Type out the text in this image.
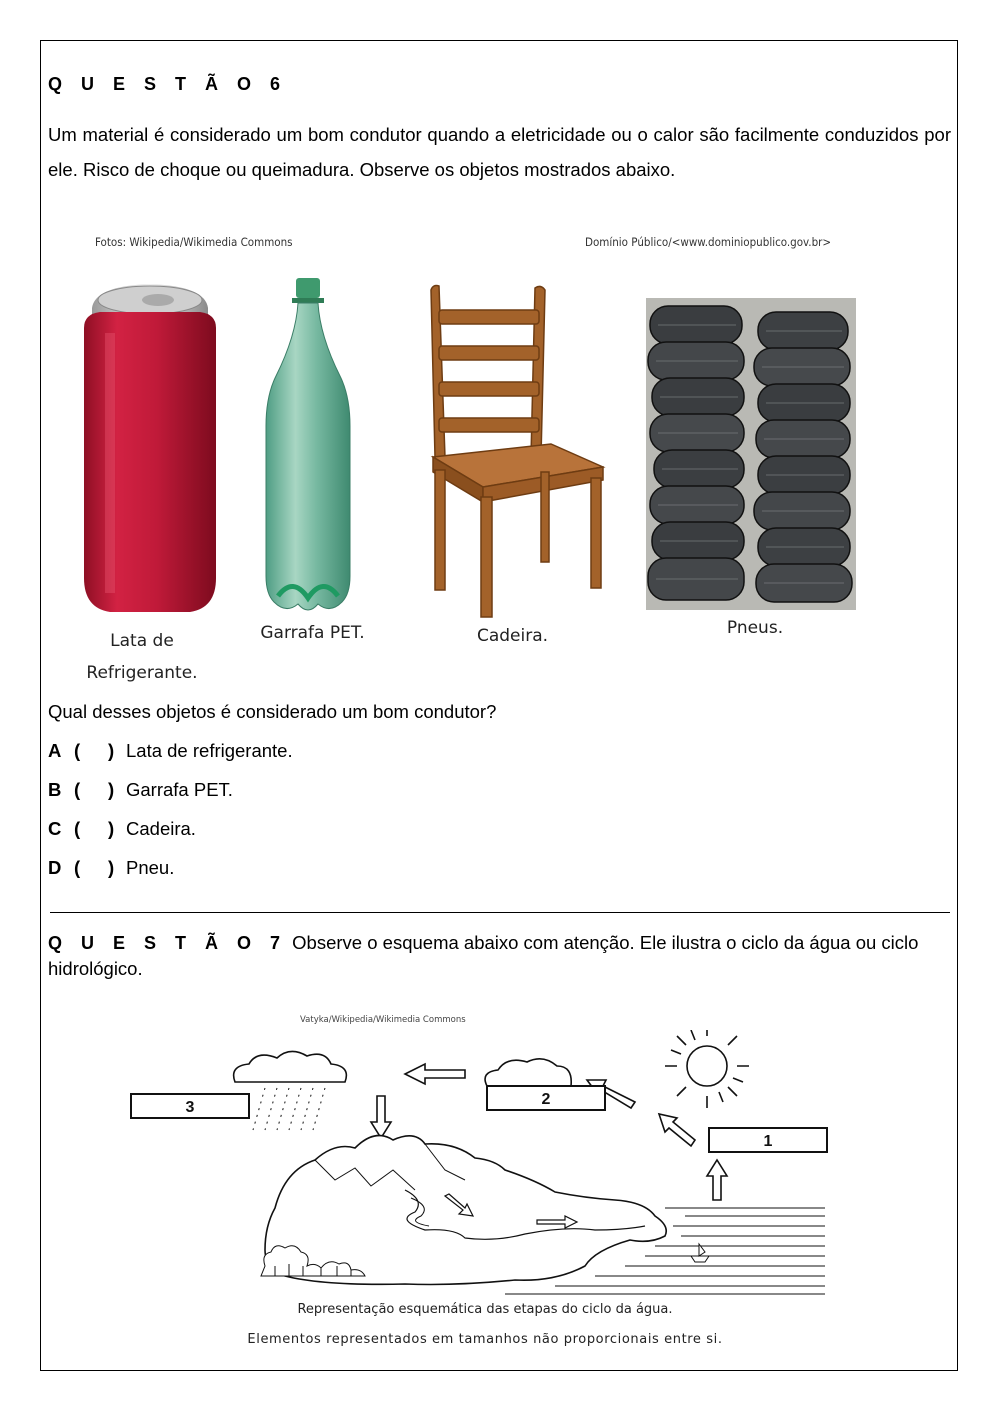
Q U E S T Ã O 6
Um material é considerado um bom condutor quando a eletricidade ou o calor são facilmente conduzidos por ele. Risco de choque ou queimadura. Observe os objetos mostrados abaixo.
Fotos: Wikipedia/Wikimedia Commons	Domínio Público/<www.dominiopublico.gov.br>
Lata de
Refrigerante.
Garrafa PET.	Cadeira.	Pneus.
Qual desses objetos é considerado um bom condutor?
A ( ) Lata de refrigerante.
B ( ) Garrafa PET.
C ( ) Cadeira.
D ( ) Pneu.
Q U E S T Ã O 7 Observe o esquema abaixo com atenção. Ele ilustra o ciclo da água ou ciclo hidrológico.
Vatyka/Wikipedia/Wikimedia Commons
3	2
1
Representação esquemática das etapas do ciclo da água.
Elementos representados em tamanhos não proporcionais entre si.
